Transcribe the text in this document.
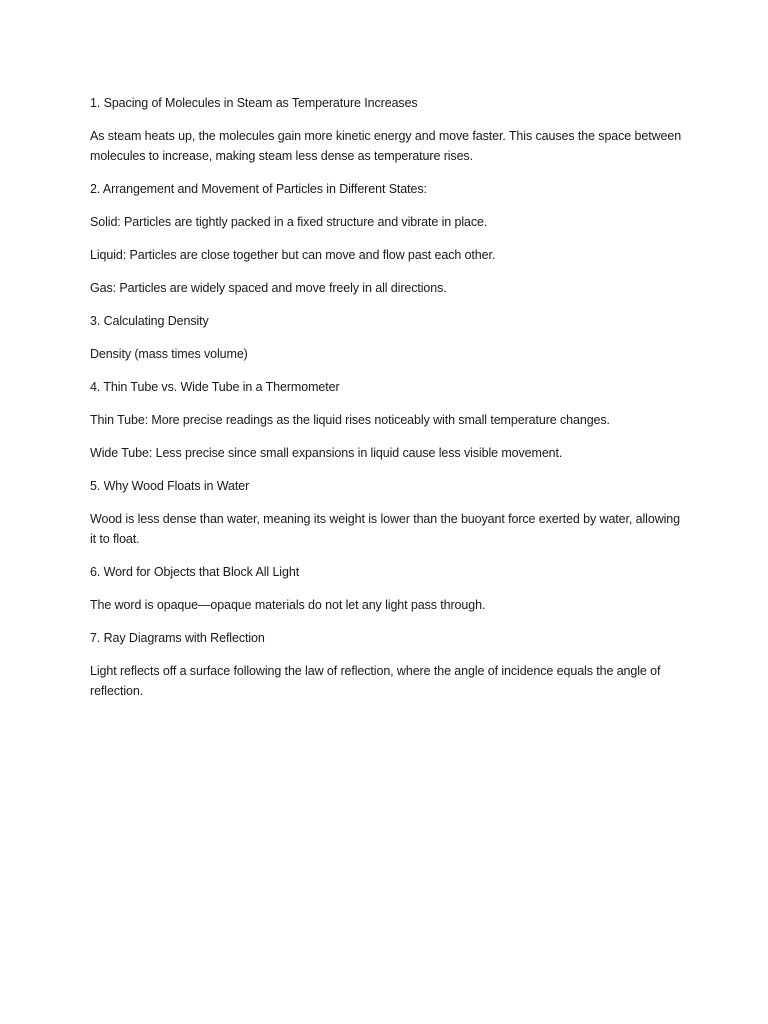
1. Spacing of Molecules in Steam as Temperature Increases

As steam heats up, the molecules gain more kinetic energy and move faster. This causes the space between molecules to increase, making steam less dense as temperature rises.

2. Arrangement and Movement of Particles in Different States:

Solid: Particles are tightly packed in a fixed structure and vibrate in place.

Liquid: Particles are close together but can move and flow past each other.

Gas: Particles are widely spaced and move freely in all directions.

3. Calculating Density

Density (mass times volume)

4. Thin Tube vs. Wide Tube in a Thermometer

Thin Tube: More precise readings as the liquid rises noticeably with small temperature changes.

Wide Tube: Less precise since small expansions in liquid cause less visible movement.

5. Why Wood Floats in Water

Wood is less dense than water, meaning its weight is lower than the buoyant force exerted by water, allowing it to float.

6. Word for Objects that Block All Light

The word is opaque—opaque materials do not let any light pass through.

7. Ray Diagrams with Reflection

Light reflects off a surface following the law of reflection, where the angle of incidence equals the angle of reflection.
